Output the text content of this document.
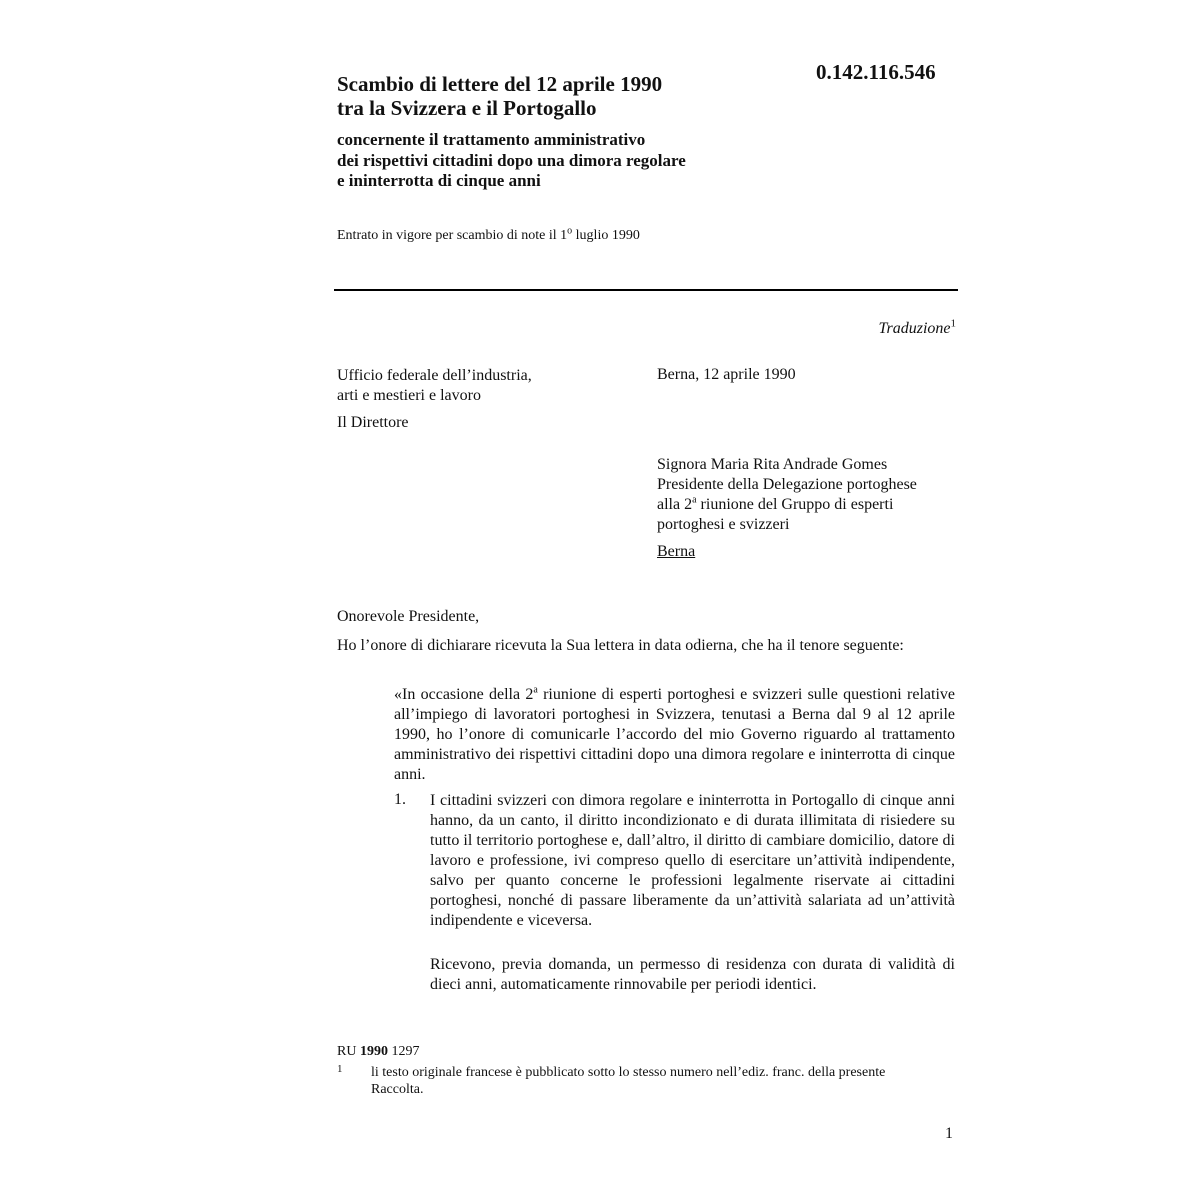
0.142.116.546
Scambio di lettere del 12 aprile 1990
tra la Svizzera e il Portogallo
concernente il trattamento amministrativo
dei rispettivi cittadini dopo una dimora regolare
e ininterrotta di cinque anni
Entrato in vigore per scambio di note il 1$^o$ luglio 1990
Traduzione$^1$
Ufficio federale dell’industria,
arti e mestieri e lavoro
Il Direttore
Berna, 12 aprile 1990
Signora Maria Rita Andrade Gomes
Presidente della Delegazione portoghese
alla 2$^a$ riunione del Gruppo di esperti
portoghesi e svizzeri
Berna
Onorevole Presidente,
Ho l’onore di dichiarare ricevuta la Sua lettera in data odierna, che ha il tenore seguente:
«In occasione della 2$^a$ riunione di esperti portoghesi e svizzeri sulle questioni relative all’impiego di lavoratori portoghesi in Svizzera, tenutasi a Berna dal 9 al 12 aprile 1990, ho l’onore di comunicarle l’accordo del mio Governo riguardo al trattamento amministrativo dei rispettivi cittadini dopo una dimora regolare e ininterrotta di cinque anni.
1. I cittadini svizzeri con dimora regolare e ininterrotta in Portogallo di cinque anni hanno, da un canto, il diritto incondizionato e di durata illimitata di risiedere su tutto il territorio portoghese e, dall’altro, il diritto di cambiare domicilio, datore di lavoro e professione, ivi compreso quello di esercitare un’attività indipendente, salvo per quanto concerne le professioni legalmente riservate ai cittadini portoghesi, nonché di passare liberamente da un’attività salariata ad un’attività indipendente e viceversa.
Ricevono, previa domanda, un permesso di residenza con durata di validità di dieci anni, automaticamente rinnovabile per periodi identici.
RU 1990 1297
1 li testo originale francese è pubblicato sotto lo stesso numero nell’ediz. franc. della presente Raccolta.
1
